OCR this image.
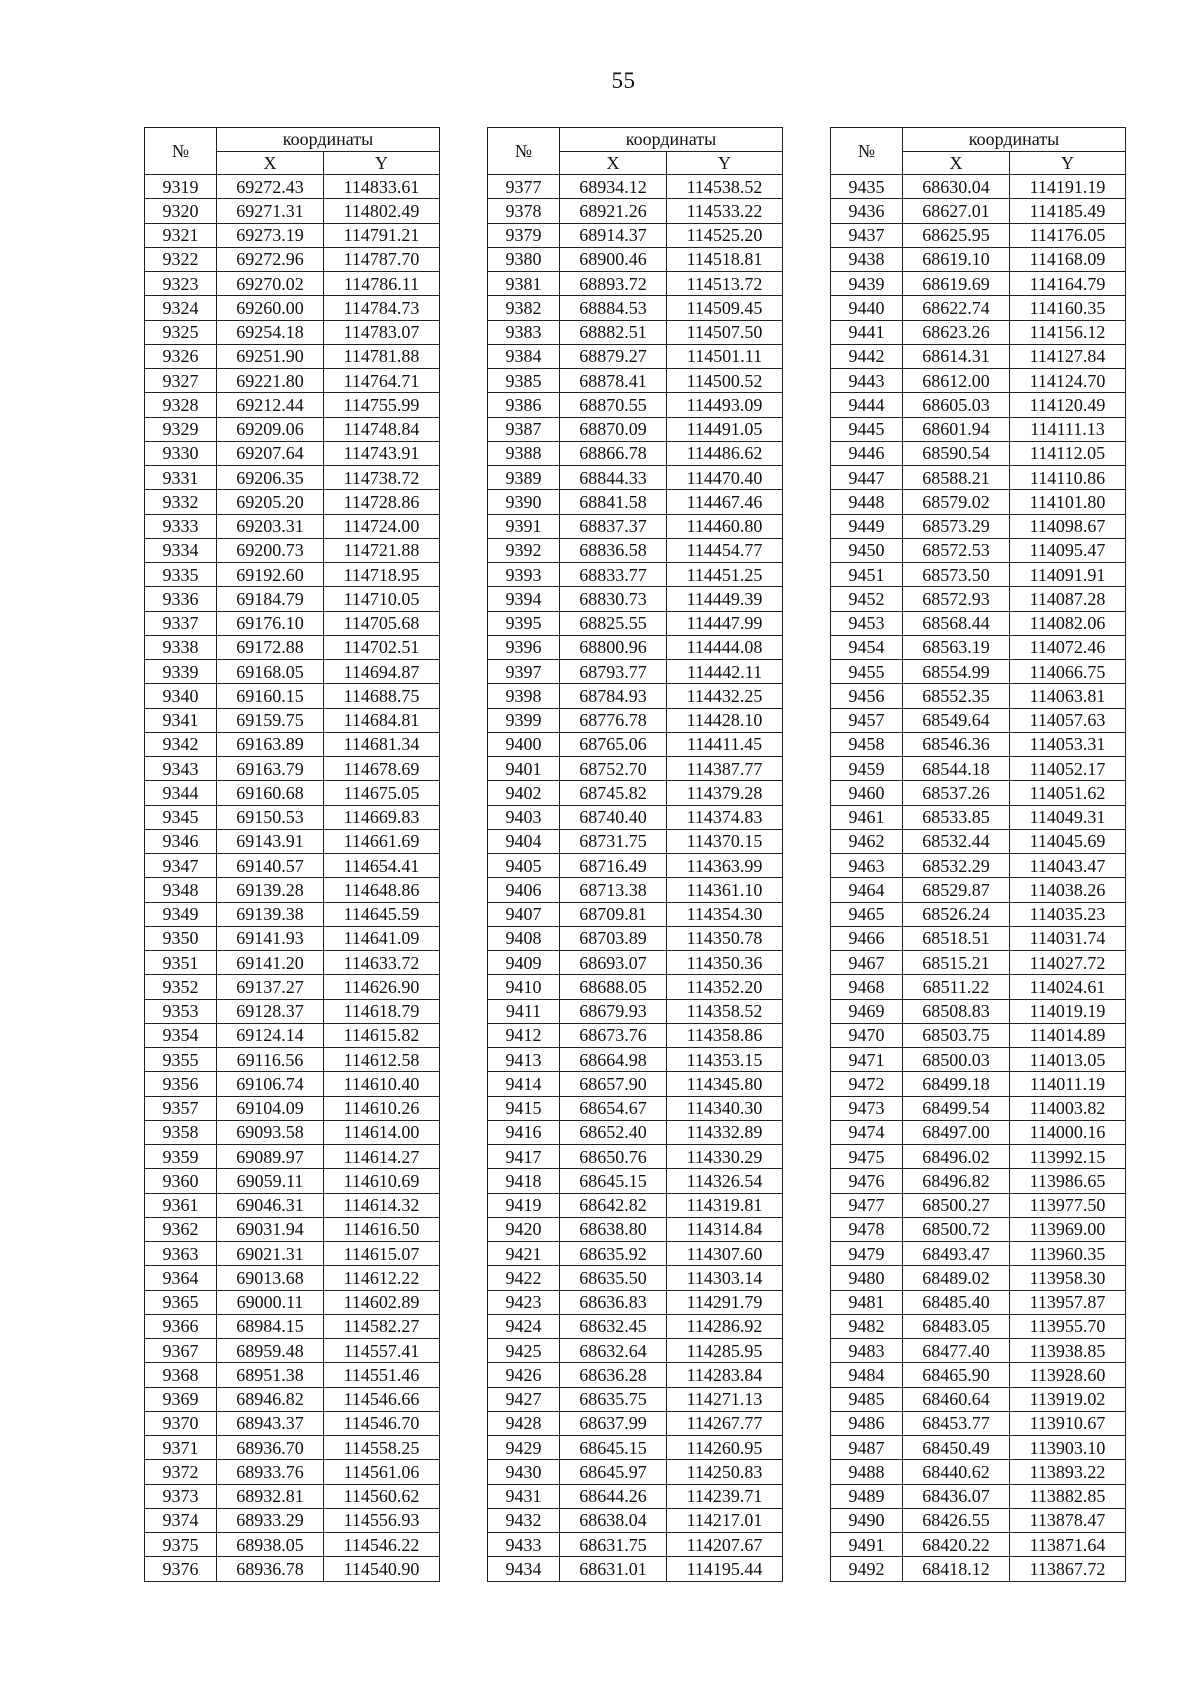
55
№	координаты	
	X	Y
9319	69272.43	114833.61
9320	69271.31	114802.49
9321	69273.19	114791.21
9322	69272.96	114787.70
9323	69270.02	114786.11
9324	69260.00	114784.73
9325	69254.18	114783.07
9326	69251.90	114781.88
9327	69221.80	114764.71
9328	69212.44	114755.99
9329	69209.06	114748.84
9330	69207.64	114743.91
9331	69206.35	114738.72
9332	69205.20	114728.86
9333	69203.31	114724.00
9334	69200.73	114721.88
9335	69192.60	114718.95
9336	69184.79	114710.05
9337	69176.10	114705.68
9338	69172.88	114702.51
9339	69168.05	114694.87
9340	69160.15	114688.75
9341	69159.75	114684.81
9342	69163.89	114681.34
9343	69163.79	114678.69
9344	69160.68	114675.05
9345	69150.53	114669.83
9346	69143.91	114661.69
9347	69140.57	114654.41
9348	69139.28	114648.86
9349	69139.38	114645.59
9350	69141.93	114641.09
9351	69141.20	114633.72
9352	69137.27	114626.90
9353	69128.37	114618.79
9354	69124.14	114615.82
9355	69116.56	114612.58
9356	69106.74	114610.40
9357	69104.09	114610.26
9358	69093.58	114614.00
9359	69089.97	114614.27
9360	69059.11	114610.69
9361	69046.31	114614.32
9362	69031.94	114616.50
9363	69021.31	114615.07
9364	69013.68	114612.22
9365	69000.11	114602.89
9366	68984.15	114582.27
9367	68959.48	114557.41
9368	68951.38	114551.46
9369	68946.82	114546.66
9370	68943.37	114546.70
9371	68936.70	114558.25
9372	68933.76	114561.06
9373	68932.81	114560.62
9374	68933.29	114556.93
9375	68938.05	114546.22
9376	68936.78	114540.90
№	координаты	
	X	Y
9377	68934.12	114538.52
9378	68921.26	114533.22
9379	68914.37	114525.20
9380	68900.46	114518.81
9381	68893.72	114513.72
9382	68884.53	114509.45
9383	68882.51	114507.50
9384	68879.27	114501.11
9385	68878.41	114500.52
9386	68870.55	114493.09
9387	68870.09	114491.05
9388	68866.78	114486.62
9389	68844.33	114470.40
9390	68841.58	114467.46
9391	68837.37	114460.80
9392	68836.58	114454.77
9393	68833.77	114451.25
9394	68830.73	114449.39
9395	68825.55	114447.99
9396	68800.96	114444.08
9397	68793.77	114442.11
9398	68784.93	114432.25
9399	68776.78	114428.10
9400	68765.06	114411.45
9401	68752.70	114387.77
9402	68745.82	114379.28
9403	68740.40	114374.83
9404	68731.75	114370.15
9405	68716.49	114363.99
9406	68713.38	114361.10
9407	68709.81	114354.30
9408	68703.89	114350.78
9409	68693.07	114350.36
9410	68688.05	114352.20
9411	68679.93	114358.52
9412	68673.76	114358.86
9413	68664.98	114353.15
9414	68657.90	114345.80
9415	68654.67	114340.30
9416	68652.40	114332.89
9417	68650.76	114330.29
9418	68645.15	114326.54
9419	68642.82	114319.81
9420	68638.80	114314.84
9421	68635.92	114307.60
9422	68635.50	114303.14
9423	68636.83	114291.79
9424	68632.45	114286.92
9425	68632.64	114285.95
9426	68636.28	114283.84
9427	68635.75	114271.13
9428	68637.99	114267.77
9429	68645.15	114260.95
9430	68645.97	114250.83
9431	68644.26	114239.71
9432	68638.04	114217.01
9433	68631.75	114207.67
9434	68631.01	114195.44
№	координаты	
	X	Y
9435	68630.04	114191.19
9436	68627.01	114185.49
9437	68625.95	114176.05
9438	68619.10	114168.09
9439	68619.69	114164.79
9440	68622.74	114160.35
9441	68623.26	114156.12
9442	68614.31	114127.84
9443	68612.00	114124.70
9444	68605.03	114120.49
9445	68601.94	114111.13
9446	68590.54	114112.05
9447	68588.21	114110.86
9448	68579.02	114101.80
9449	68573.29	114098.67
9450	68572.53	114095.47
9451	68573.50	114091.91
9452	68572.93	114087.28
9453	68568.44	114082.06
9454	68563.19	114072.46
9455	68554.99	114066.75
9456	68552.35	114063.81
9457	68549.64	114057.63
9458	68546.36	114053.31
9459	68544.18	114052.17
9460	68537.26	114051.62
9461	68533.85	114049.31
9462	68532.44	114045.69
9463	68532.29	114043.47
9464	68529.87	114038.26
9465	68526.24	114035.23
9466	68518.51	114031.74
9467	68515.21	114027.72
9468	68511.22	114024.61
9469	68508.83	114019.19
9470	68503.75	114014.89
9471	68500.03	114013.05
9472	68499.18	114011.19
9473	68499.54	114003.82
9474	68497.00	114000.16
9475	68496.02	113992.15
9476	68496.82	113986.65
9477	68500.27	113977.50
9478	68500.72	113969.00
9479	68493.47	113960.35
9480	68489.02	113958.30
9481	68485.40	113957.87
9482	68483.05	113955.70
9483	68477.40	113938.85
9484	68465.90	113928.60
9485	68460.64	113919.02
9486	68453.77	113910.67
9487	68450.49	113903.10
9488	68440.62	113893.22
9489	68436.07	113882.85
9490	68426.55	113878.47
9491	68420.22	113871.64
9492	68418.12	113867.72
